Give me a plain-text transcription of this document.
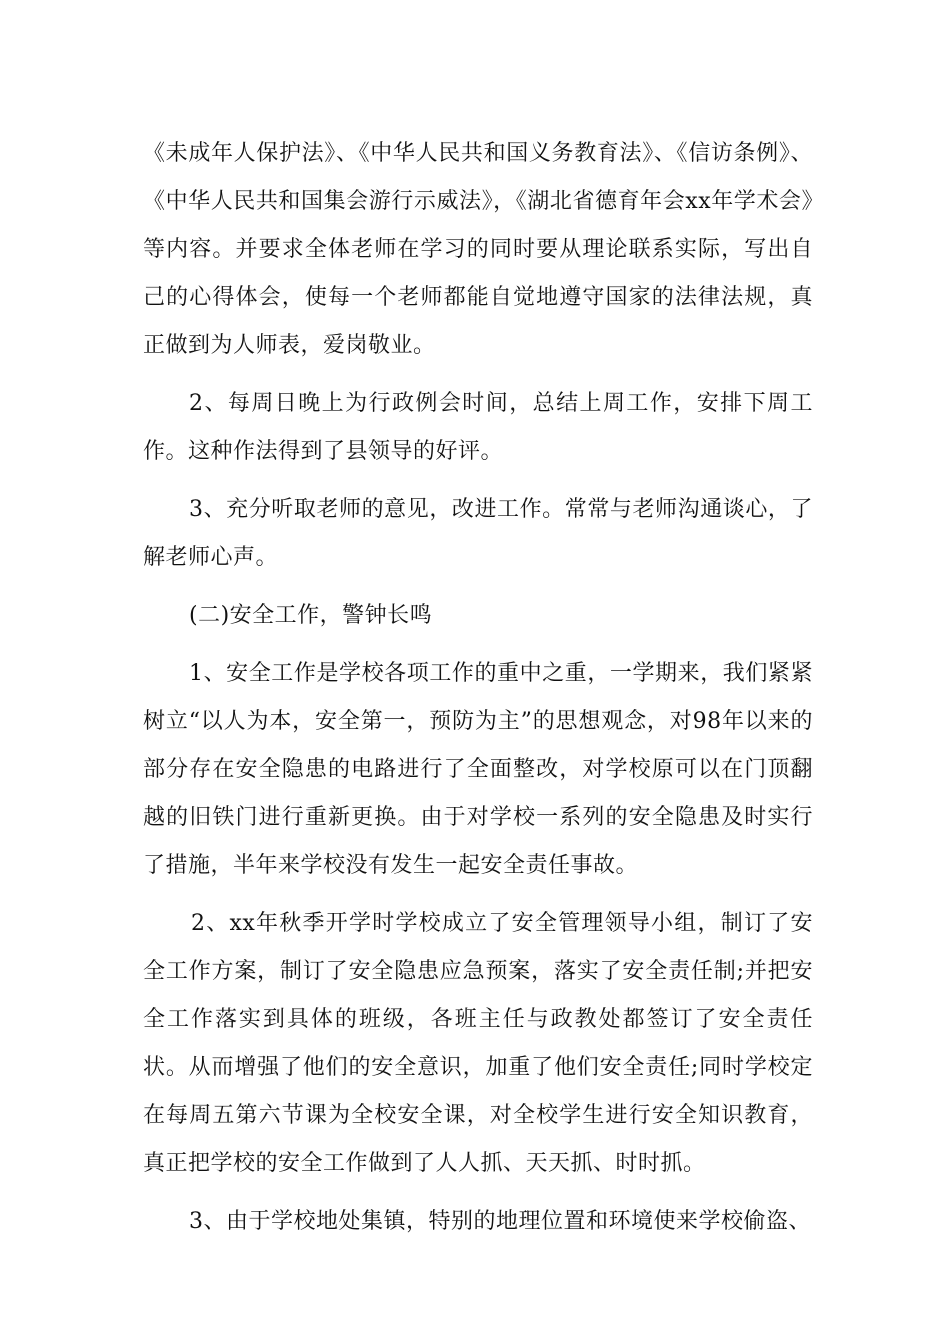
《未成年人保护法》、《中华人民共和国义务教育法》、《信访条例》、《中华人民共和国集会游行示威法》，《湖北省德育年会xx年学术会》等内容。并要求全体老师在学习的同时要从理论联系实际，写出自己的心得体会，使每一个老师都能自觉地遵守国家的法律法规，真正做到为人师表，爱岗敬业。

2、每周日晚上为行政例会时间，总结上周工作，安排下周工作。这种作法得到了县领导的好评。

3、充分听取老师的意见，改进工作。常常与老师沟通谈心，了解老师心声。

(二)安全工作，警钟长鸣

1、安全工作是学校各项工作的重中之重，一学期来，我们紧紧树立“以人为本，安全第一，预防为主”的思想观念，对98年以来的部分存在安全隐患的电路进行了全面整改，对学校原可以在门顶翻越的旧铁门进行重新更换。由于对学校一系列的安全隐患及时实行了措施，半年来学校没有发生一起安全责任事故。

2、xx年秋季开学时学校成立了安全管理领导小组，制订了安全工作方案，制订了安全隐患应急预案，落实了安全责任制;并把安全工作落实到具体的班级，各班主任与政教处都签订了安全责任状。从而增强了他们的安全意识，加重了他们安全责任;同时学校定在每周五第六节课为全校安全课，对全校学生进行安全知识教育，真正把学校的安全工作做到了人人抓、天天抓、时时抓。

3、由于学校地处集镇，特别的地理位置和环境使来学校偷盗、
